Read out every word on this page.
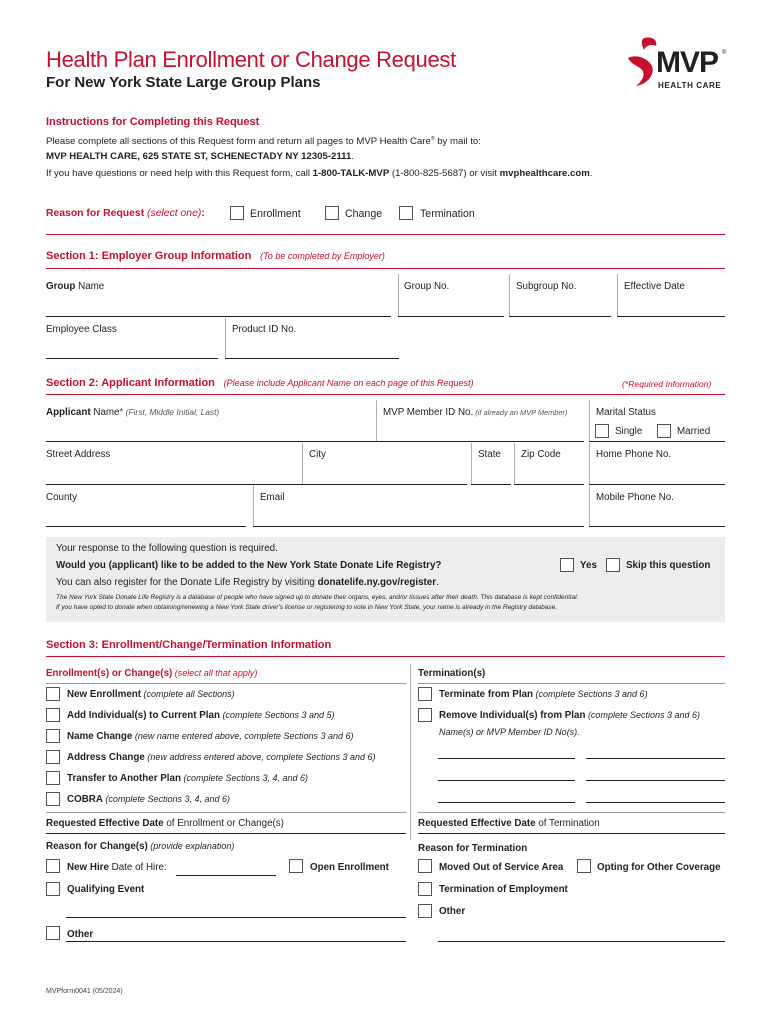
Health Plan Enrollment or Change Request
For New York State Large Group Plans
MVP ®
HEALTH CARE
Instructions for Completing this Request
Please complete all sections of this Request form and return all pages to MVP Health Care® by mail to:
MVP HEALTH CARE, 625 STATE ST, SCHENECTADY NY 12305-2111.
If you have questions or need help with this Request form, call 1-800-TALK-MVP (1-800-825-5687) or visit mvphealthcare.com.
Reason for Request (select one):	Enrollment	Change	Termination
Section 1: Employer Group Information (To be completed by Employer)
Group Name	Group No.	Subgroup No.	Effective Date
Employee Class	Product ID No.
Section 2: Applicant Information (Please include Applicant Name on each page of this Request)	(*Required Information)
Applicant Name* (First, Middle Initial, Last)	MVP Member ID No. (if already an MVP Member)	Marital Status
Single	Married
Street Address	City	State Zip Code	Home Phone No.
County	Email	Mobile Phone No.
Your response to the following question is required.
Would you (applicant) like to be added to the New York State Donate Life Registry?	Yes	Skip this question
You can also register for the Donate Life Registry by visiting donatelife.ny.gov/register.
The New York State Donate Life Registry is a database of people who have signed up to donate their organs, eyes, and/or tissues after their death. This database is kept confidential.
If you have opted to donate when obtaining/renewing a New York State driver's license or registering to vote in New York State, your name is already in the Registry database.
Section 3: Enrollment/Change/Termination Information
Enrollment(s) or Change(s) (select all that apply)	Termination(s)
New Enrollment (complete all Sections)
Add Individual(s) to Current Plan (complete Sections 3 and 5)
Name Change (new name entered above, complete Sections 3 and 6)
Address Change (new address entered above, complete Sections 3 and 6)
Transfer to Another Plan (complete Sections 3, 4, and 6)
COBRA (complete Sections 3, 4, and 6)
Terminate from Plan (complete Sections 3 and 6)
Remove Individual(s) from Plan (complete Sections 3 and 6)
Name(s) or MVP Member ID No(s).
Requested Effective Date of Enrollment or Change(s)	Requested Effective Date of Termination
Reason for Change(s) (provide explanation)	Reason for Termination
New Hire Date of Hire:	Open Enrollment
Qualifying Event
Other
Moved Out of Service Area	Opting for Other Coverage
Termination of Employment
Other
MVPform0041 (05/2024)
